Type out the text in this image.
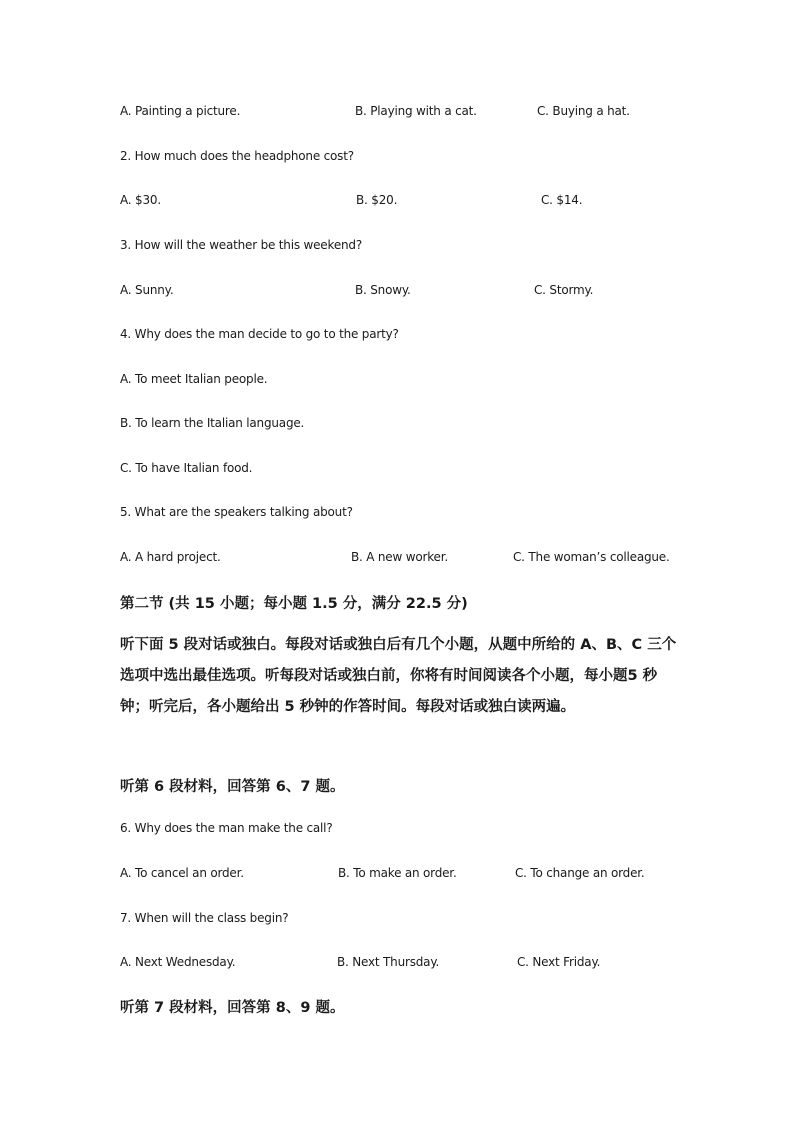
A. Painting a picture.	B. Playing with a cat.	C. Buying a hat.
2. How much does the headphone cost?
A. $30.	B. $20.	C. $14.
3. How will the weather be this weekend?
A. Sunny.	B. Snowy.	C. Stormy.
4. Why does the man decide to go to the party?
A. To meet Italian people.
B. To learn the Italian language.
C. To have Italian food.
5. What are the speakers talking about?
A. A hard project.	B. A new worker.	C. The woman’s colleague.
第二节 (共 15 小题；每小题 1.5 分，满分 22.5 分)
听下面 5 段对话或独白。每段对话或独白后有几个小题，从题中所给的 A、B、C 三个选项中选出最佳选项。听每段对话或独白前，你将有时间阅读各个小题，每小题5 秒钟；听完后，各小题给出 5 秒钟的作答时间。每段对话或独白读两遍。
听第 6 段材料，回答第 6、7 题。
6. Why does the man make the call?
A. To cancel an order.	B. To make an order.	C. To change an order.
7. When will the class begin?
A. Next Wednesday.	B. Next Thursday.	C. Next Friday.
听第 7 段材料，回答第 8、9 题。
